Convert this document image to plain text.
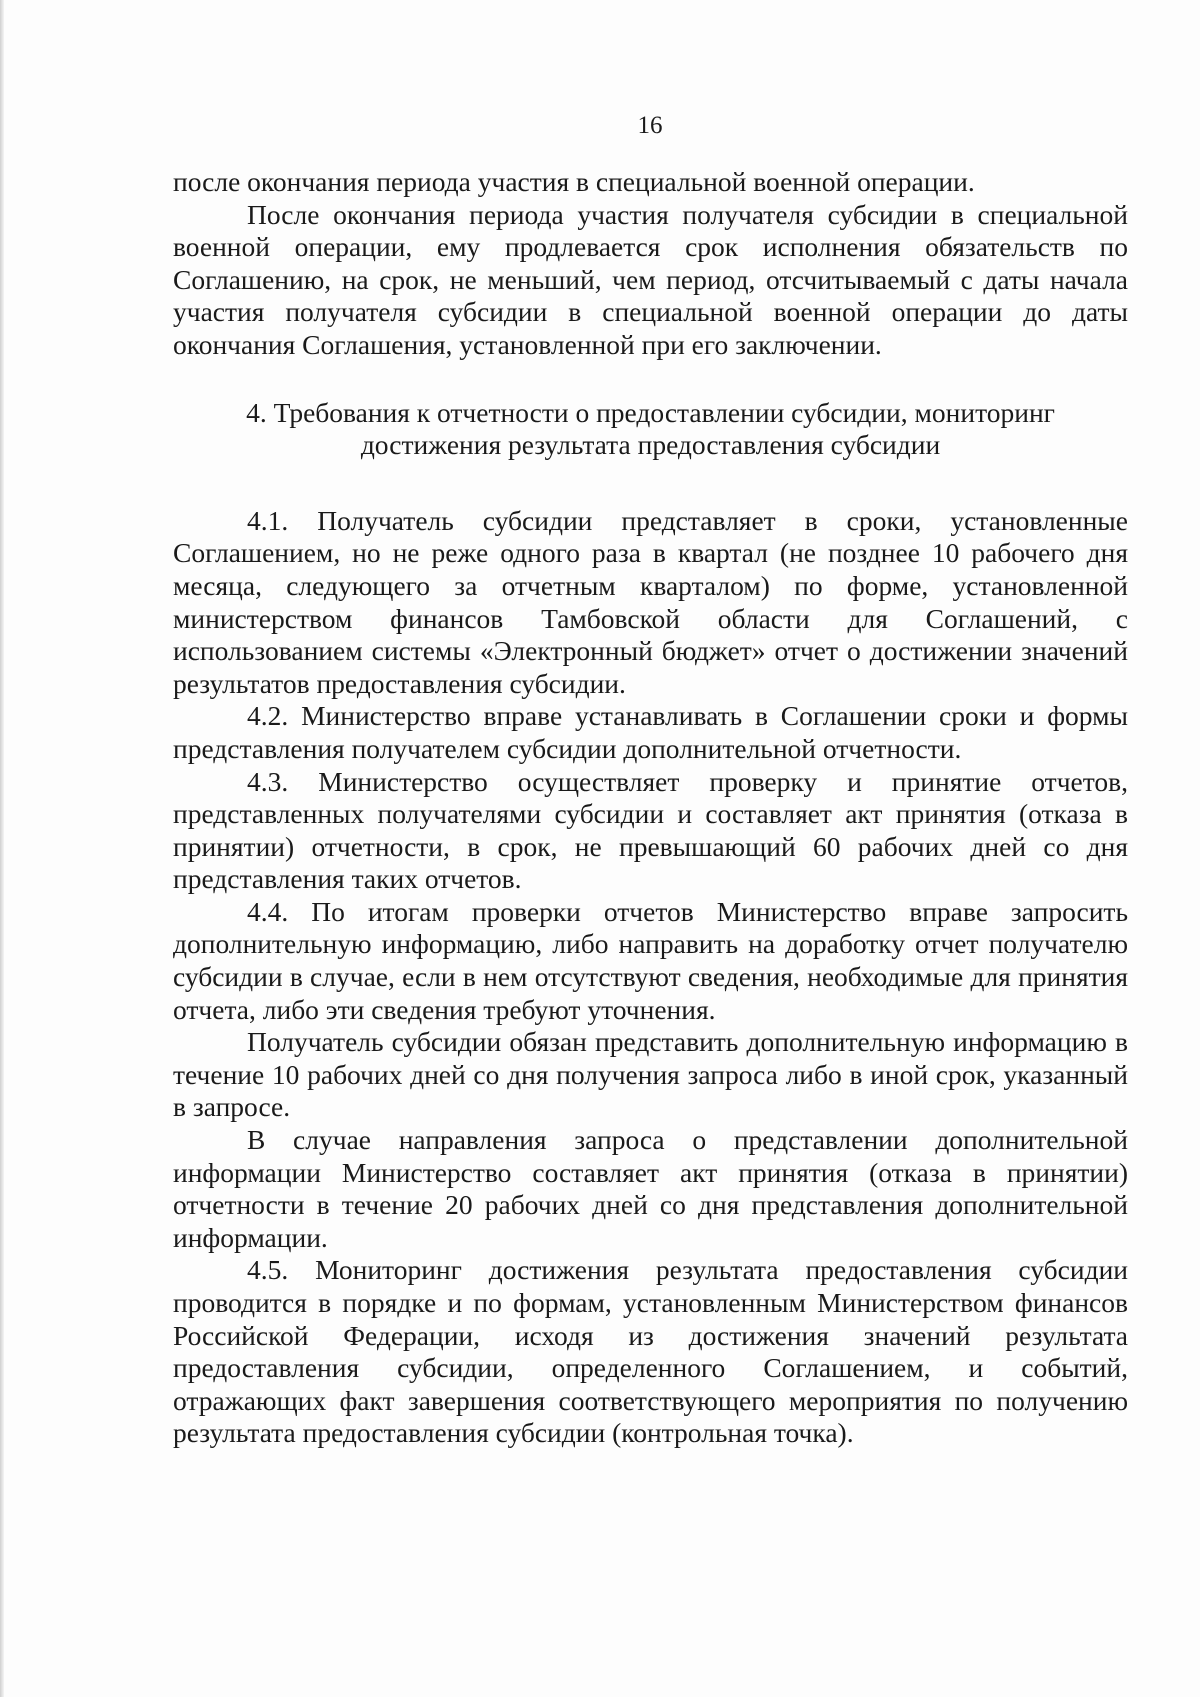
16

после окончания периода участия в специальной военной операции.

После окончания периода участия получателя субсидии в специальной военной операции, ему продлевается срок исполнения обязательств по Соглашению, на срок, не меньший, чем период, отсчитываемый с даты начала участия получателя субсидии в специальной военной операции до даты окончания Соглашения, установленной при его заключении.

4. Требования к отчетности о предоставлении субсидии, мониторинг
достижения результата предоставления субсидии

4.1. Получатель субсидии представляет в сроки, установленные Соглашением, но не реже одного раза в квартал (не позднее 10 рабочего дня месяца, следующего за отчетным кварталом) по форме, установленной министерством финансов Тамбовской области для Соглашений, с использованием системы «Электронный бюджет» отчет о достижении значений результатов предоставления субсидии.

4.2. Министерство вправе устанавливать в Соглашении сроки и формы представления получателем субсидии дополнительной отчетности.

4.3. Министерство осуществляет проверку и принятие отчетов, представленных получателями субсидии и составляет акт принятия (отказа в принятии) отчетности, в срок, не превышающий 60 рабочих дней со дня представления таких отчетов.

4.4. По итогам проверки отчетов Министерство вправе запросить дополнительную информацию, либо направить на доработку отчет получателю субсидии в случае, если в нем отсутствуют сведения, необходимые для принятия отчета, либо эти сведения требуют уточнения.

Получатель субсидии обязан представить дополнительную информацию в течение 10 рабочих дней со дня получения запроса либо в иной срок, указанный в запросе.

В случае направления запроса о представлении дополнительной информации Министерство составляет акт принятия (отказа в принятии) отчетности в течение 20 рабочих дней со дня представления дополнительной информации.

4.5. Мониторинг достижения результата предоставления субсидии проводится в порядке и по формам, установленным Министерством финансов Российской Федерации, исходя из достижения значений результата предоставления субсидии, определенного Соглашением, и событий, отражающих факт завершения соответствующего мероприятия по получению результата предоставления субсидии (контрольная точка).
